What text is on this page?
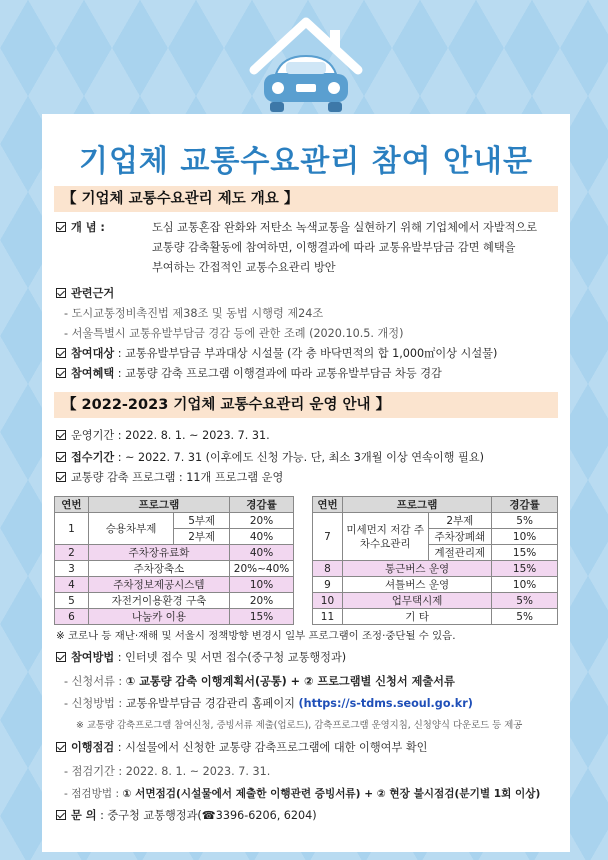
기업체 교통수요관리 참여 안내문
【 기업체 교통수요관리 제도 개요 】
개 념 :	도심 교통혼잡 완화와 저탄소 녹색교통을 실현하기 위해 기업체에서 자발적으로
교통량 감축활동에 참여하면, 이행결과에 따라 교통유발부담금 감면 혜택을
부여하는 간접적인 교통수요관리 방안
관련근거
- 도시교통정비촉진법 제38조 및 동법 시행령 제24조
- 서울특별시 교통유발부담금 경감 등에 관한 조례 (2020.10.5. 개정)
참여대상 : 교통유발부담금 부과대상 시설물 (각 층 바닥면적의 합 1,000㎡이상 시설물)
참여혜택 : 교통량 감축 프로그램 이행결과에 따라 교통유발부담금 차등 경감
【 2022-2023 기업체 교통수요관리 운영 안내 】
운영기간 : 2022. 8. 1. ~ 2023. 7. 31.
접수기간 : ~ 2022. 7. 31 (이후에도 신청 가능. 단, 최소 3개월 이상 연속이행 필요)
교통량 감축 프로그램 : 11개 프로그램 운영
연번	프로그램		경감률
1	승용차부제	5부제	20%
		2부제	40%
2	주차장유료화		40%
3	주차장축소		20%~40%
4	주차정보제공시스템		10%
5	자전거이용환경 구축		20%
6	나눔카 이용		15%
연번	프로그램		경감률
7	미세먼지 저감 주차수요관리	2부제	5%
		주차장폐쇄	10%
		계절관리제	15%
8	통근버스 운영		15%
9	셔틀버스 운영		10%
10	업무택시제		5%
11	기 타		5%
※ 코로나 등 재난·재해 및 서울시 정책방향 변경시 일부 프로그램이 조정·중단될 수 있음.
참여방법 : 인터넷 접수 및 서면 접수(중구청 교통행정과)
- 신청서류 : ① 교통량 감축 이행계획서(공통) + ② 프로그램별 신청서 제출서류
- 신청방법 : 교통유발부담금 경감관리 홈페이지 (https://s-tdms.seoul.go.kr)
※ 교통량 감축프로그램 참여신청, 증빙서류 제출(업로드), 감축프로그램 운영지침, 신청양식 다운로드 등 제공
이행점검 : 시설물에서 신청한 교통량 감축프로그램에 대한 이행여부 확인
- 점검기간 : 2022. 8. 1. ~ 2023. 7. 31.
- 점검방법 : ① 서면점검(시설물에서 제출한 이행관련 증빙서류) + ② 현장 불시점검(분기별 1회 이상)
문 의 : 중구청 교통행정과(☎3396-6206, 6204)
